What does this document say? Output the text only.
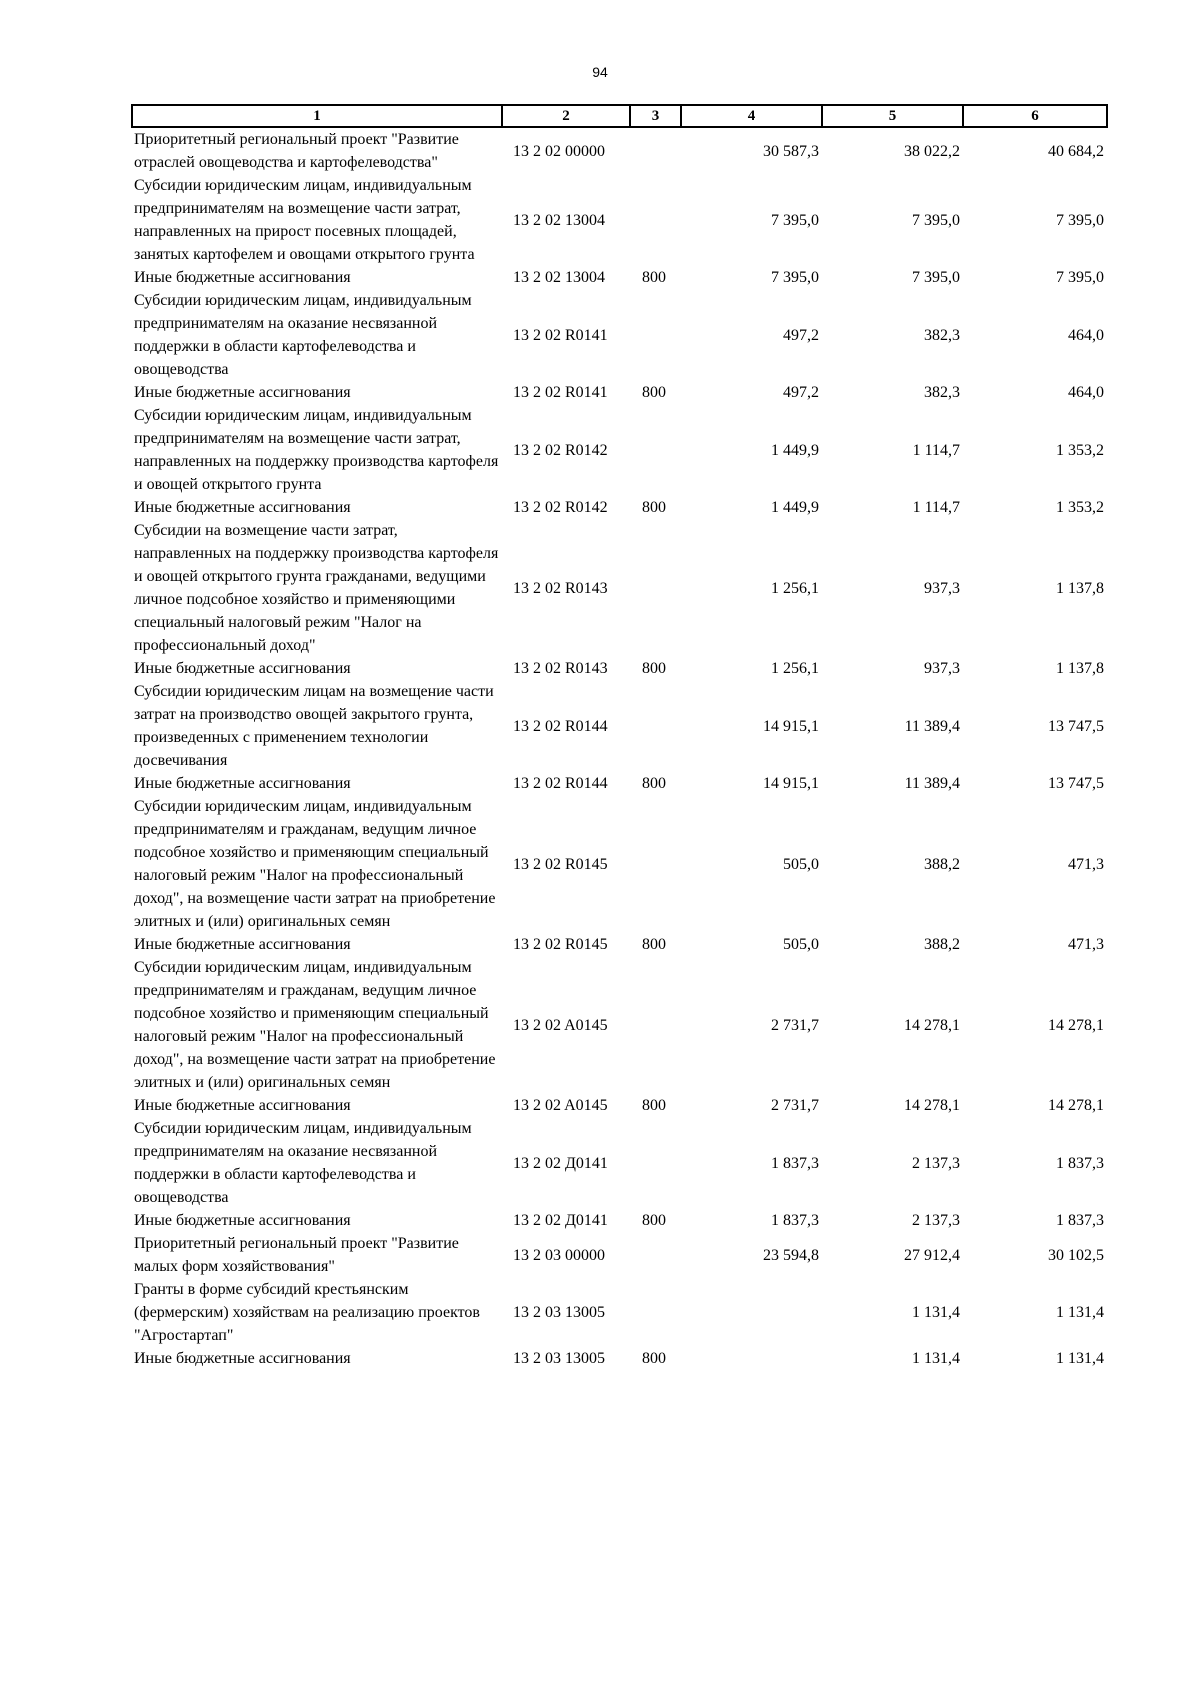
94
1	2	3	4	5	6
Приоритетный региональный проект "Развитие отраслей овощеводства и картофелеводства"	13 2 02 00000		30 587,3	38 022,2	40 684,2
Субсидии юридическим лицам, индивидуальным предпринимателям на возмещение части затрат, направленных на прирост посевных площадей, занятых картофелем и овощами открытого грунта	13 2 02 13004		7 395,0	7 395,0	7 395,0
Иные бюджетные ассигнования	13 2 02 13004	800	7 395,0	7 395,0	7 395,0
Субсидии юридическим лицам, индивидуальным предпринимателям на оказание несвязанной поддержки в области картофелеводства и овощеводства	13 2 02 R0141		497,2	382,3	464,0
Иные бюджетные ассигнования	13 2 02 R0141	800	497,2	382,3	464,0
Субсидии юридическим лицам, индивидуальным предпринимателям на возмещение части затрат, направленных на поддержку производства картофеля и овощей открытого грунта	13 2 02 R0142		1 449,9	1 114,7	1 353,2
Иные бюджетные ассигнования	13 2 02 R0142	800	1 449,9	1 114,7	1 353,2
Субсидии на возмещение части затрат, направленных на поддержку производства картофеля и овощей открытого грунта гражданами, ведущими личное подсобное хозяйство и применяющими специальный налоговый режим "Налог на профессиональный доход"	13 2 02 R0143		1 256,1	937,3	1 137,8
Иные бюджетные ассигнования	13 2 02 R0143	800	1 256,1	937,3	1 137,8
Субсидии юридическим лицам на возмещение части затрат на производство овощей закрытого грунта, произведенных с применением технологии досвечивания	13 2 02 R0144		14 915,1	11 389,4	13 747,5
Иные бюджетные ассигнования	13 2 02 R0144	800	14 915,1	11 389,4	13 747,5
Субсидии юридическим лицам, индивидуальным предпринимателям и гражданам, ведущим личное подсобное хозяйство и применяющим специальный налоговый режим "Налог на профессиональный доход", на возмещение части затрат на приобретение элитных и (или) оригинальных семян	13 2 02 R0145		505,0	388,2	471,3
Иные бюджетные ассигнования	13 2 02 R0145	800	505,0	388,2	471,3
Субсидии юридическим лицам, индивидуальным предпринимателям и гражданам, ведущим личное подсобное хозяйство и применяющим специальный налоговый режим "Налог на профессиональный доход", на возмещение части затрат на приобретение элитных и (или) оригинальных семян	13 2 02 A0145		2 731,7	14 278,1	14 278,1
Иные бюджетные ассигнования	13 2 02 A0145	800	2 731,7	14 278,1	14 278,1
Субсидии юридическим лицам, индивидуальным предпринимателям на оказание несвязанной поддержки в области картофелеводства и овощеводства	13 2 02 Д0141		1 837,3	2 137,3	1 837,3
Иные бюджетные ассигнования	13 2 02 Д0141	800	1 837,3	2 137,3	1 837,3
Приоритетный региональный проект "Развитие малых форм хозяйствования"	13 2 03 00000		23 594,8	27 912,4	30 102,5
Гранты в форме субсидий крестьянским (фермерским) хозяйствам на реализацию проектов "Агростартап"	13 2 03 13005			1 131,4	1 131,4
Иные бюджетные ассигнования	13 2 03 13005	800		1 131,4	1 131,4
